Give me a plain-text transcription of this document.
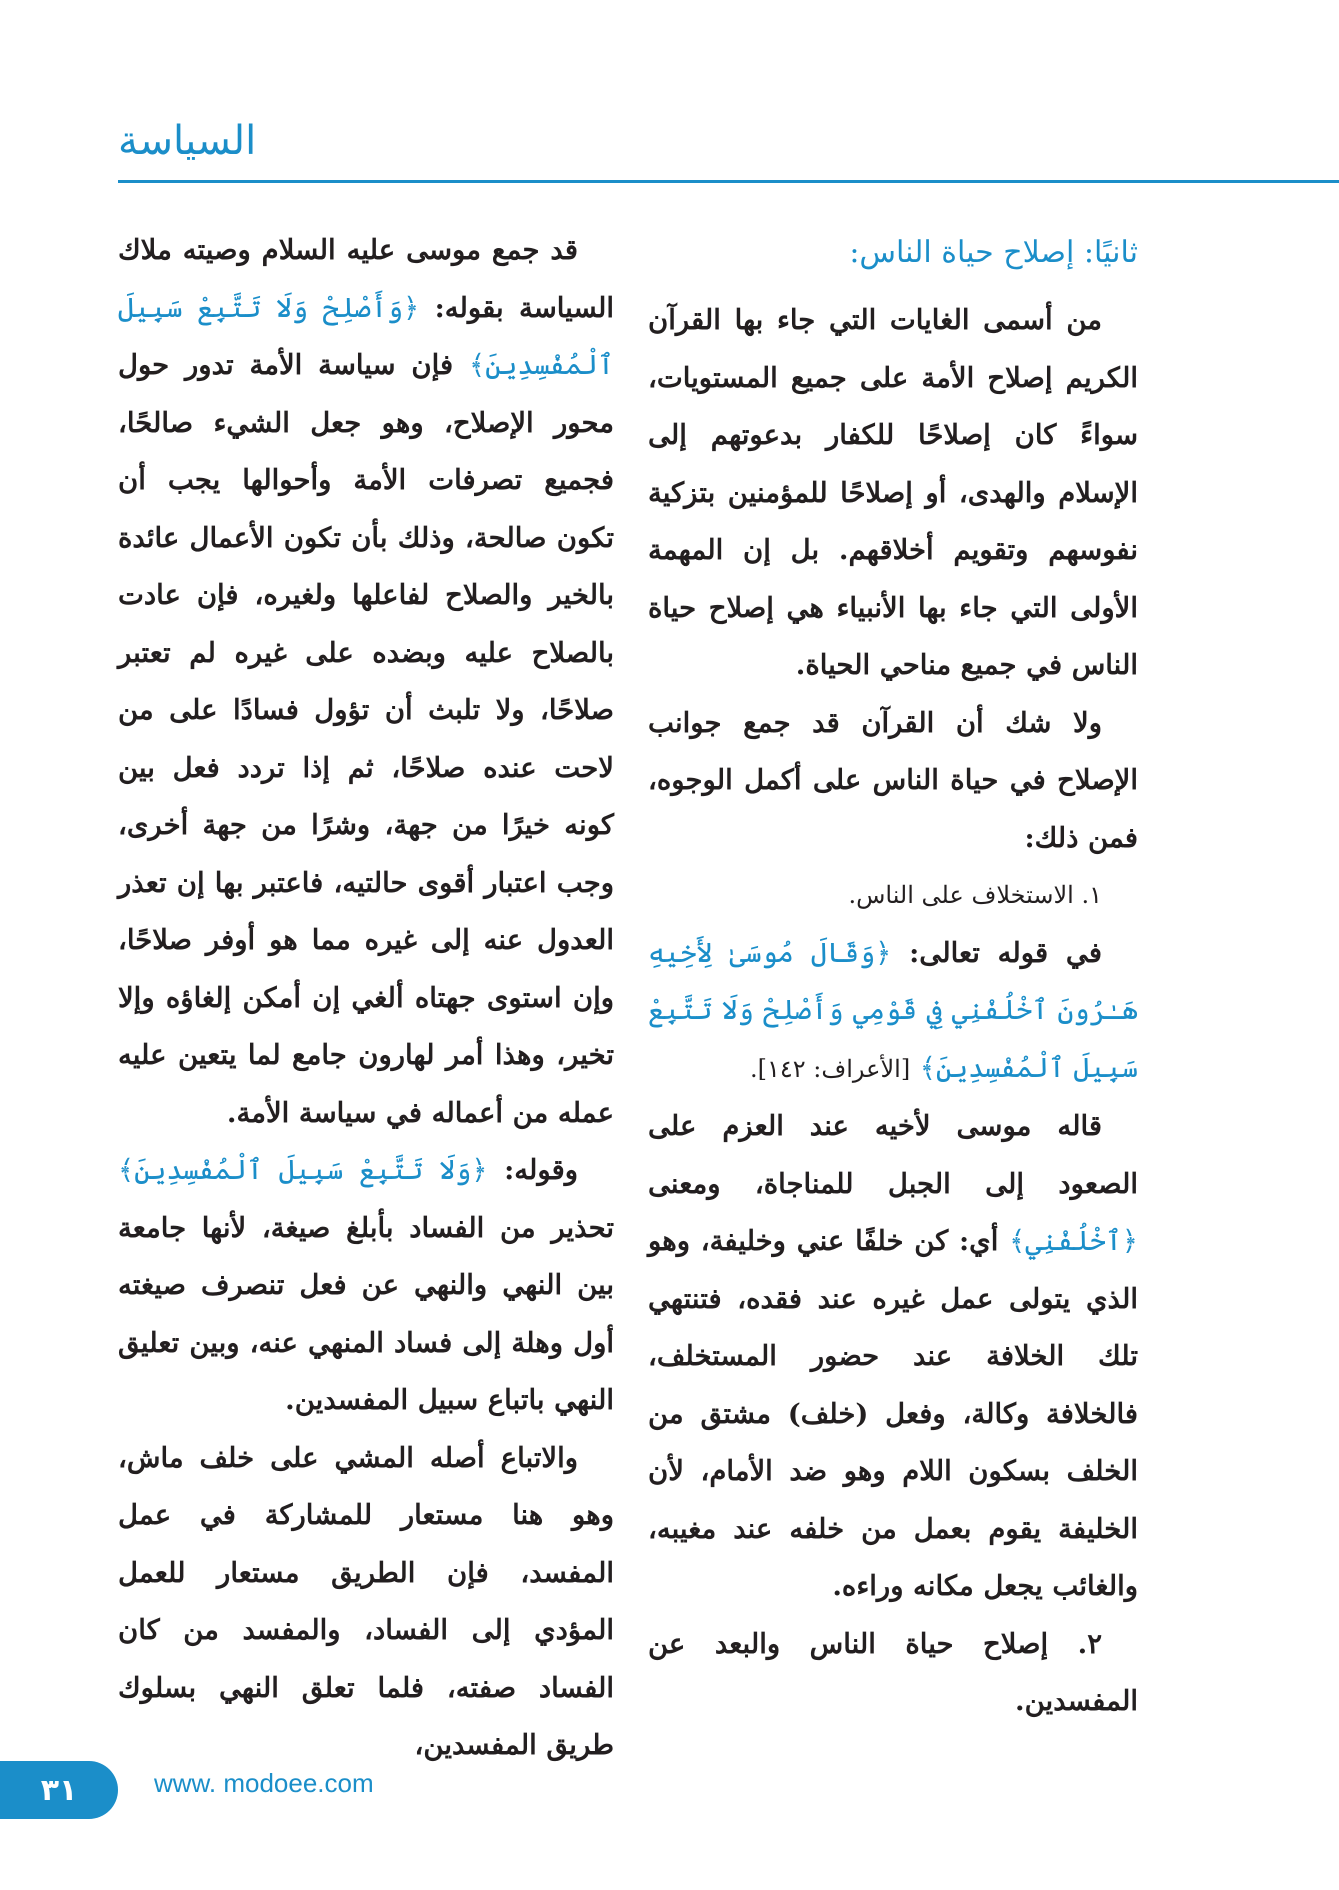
السياسة
ثانيًا: إصلاح حياة الناس:

من أسمى الغايات التي جاء بها القرآن الكريم إصلاح الأمة على جميع المستويات، سواءً كان إصلاحًا للكفار بدعوتهم إلى الإسلام والهدى، أو إصلاحًا للمؤمنين بتزكية نفوسهم وتقويم أخلاقهم. بل إن المهمة الأولى التي جاء بها الأنبياء هي إصلاح حياة الناس في جميع مناحي الحياة.

ولا شك أن القرآن قد جمع جوانب الإصلاح في حياة الناس على أكمل الوجوه، فمن ذلك:

١. الاستخلاف على الناس.

في قوله تعالى: ﴿وَقَالَ مُوسَىٰ لِأَخِيهِ هَـٰرُونَ ٱخْلُفْنِي فِي قَوْمِي وَأَصْلِحْ وَلَا تَتَّبِعْ سَبِيلَ ٱلْمُفْسِدِينَ﴾ [الأعراف: ١٤٢].

قاله موسى لأخيه عند العزم على الصعود إلى الجبل للمناجاة، ومعنى ﴿ٱخْلُفْنِي﴾ أي: كن خلفًا عني وخليفة، وهو الذي يتولى عمل غيره عند فقده، فتنتهي تلك الخلافة عند حضور المستخلف، فالخلافة وكالة، وفعل (خلف) مشتق من الخلف بسكون اللام وهو ضد الأمام، لأن الخليفة يقوم بعمل من خلفه عند مغيبه، والغائب يجعل مكانه وراءه.

٢. إصلاح حياة الناس والبعد عن المفسدين.

قد جمع موسى عليه السلام وصيته ملاك السياسة بقوله: ﴿وَأَصْلِحْ وَلَا تَتَّبِعْ سَبِيلَ ٱلْمُفْسِدِينَ﴾ فإن سياسة الأمة تدور حول محور الإصلاح، وهو جعل الشيء صالحًا، فجميع تصرفات الأمة وأحوالها يجب أن تكون صالحة، وذلك بأن تكون الأعمال عائدة بالخير والصلاح لفاعلها ولغيره، فإن عادت بالصلاح عليه وبضده على غيره لم تعتبر صلاحًا، ولا تلبث أن تؤول فسادًا على من لاحت عنده صلاحًا، ثم إذا تردد فعل بين كونه خيرًا من جهة، وشرًا من جهة أخرى، وجب اعتبار أقوى حالتيه، فاعتبر بها إن تعذر العدول عنه إلى غيره مما هو أوفر صلاحًا، وإن استوى جهتاه ألغي إن أمكن إلغاؤه وإلا تخير، وهذا أمر لهارون جامع لما يتعين عليه عمله من أعماله في سياسة الأمة.

وقوله: ﴿وَلَا تَتَّبِعْ سَبِيلَ ٱلْمُفْسِدِينَ﴾ تحذير من الفساد بأبلغ صيغة، لأنها جامعة بين النهي والنهي عن فعل تنصرف صيغته أول وهلة إلى فساد المنهي عنه، وبين تعليق النهي باتباع سبيل المفسدين.

والاتباع أصله المشي على خلف ماش، وهو هنا مستعار للمشاركة في عمل المفسد، فإن الطريق مستعار للعمل المؤدي إلى الفساد، والمفسد من كان الفساد صفته، فلما تعلق النهي بسلوك طريق المفسدين،

٣١	www. modoee.com
